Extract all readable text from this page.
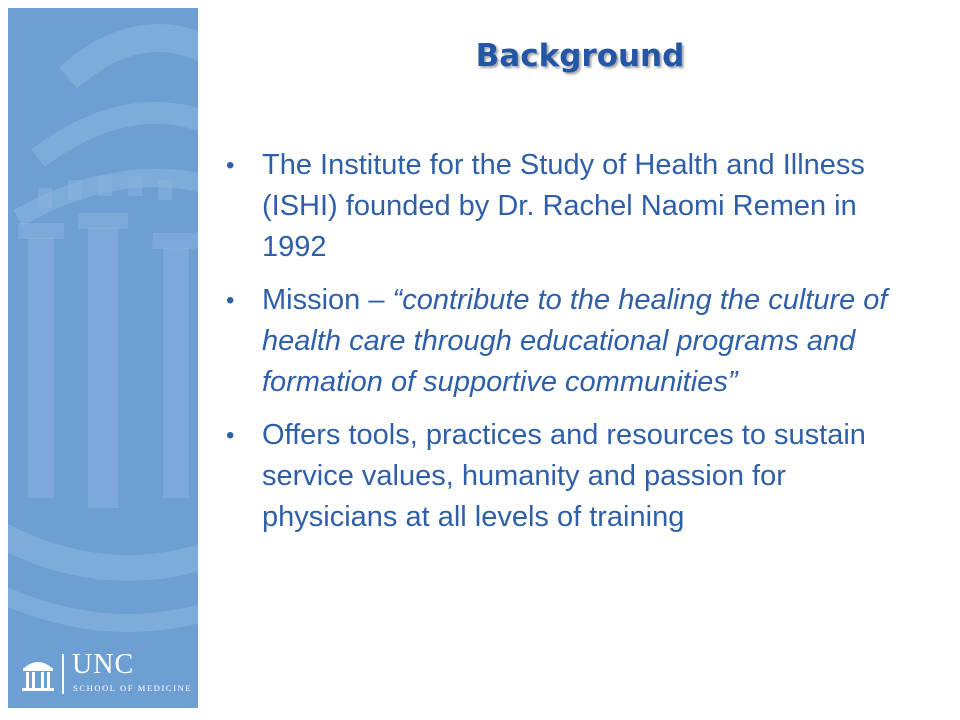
UNC
SCHOOL OF MEDICINE
Background
• The Institute for the Study of Health and Illness (ISHI) founded by Dr. Rachel Naomi Remen in 1992
• Mission – “contribute to the healing the culture of health care through educational programs and formation of supportive communities”
• Offers tools, practices and resources to sustain service values, humanity and passion for physicians at all levels of training
